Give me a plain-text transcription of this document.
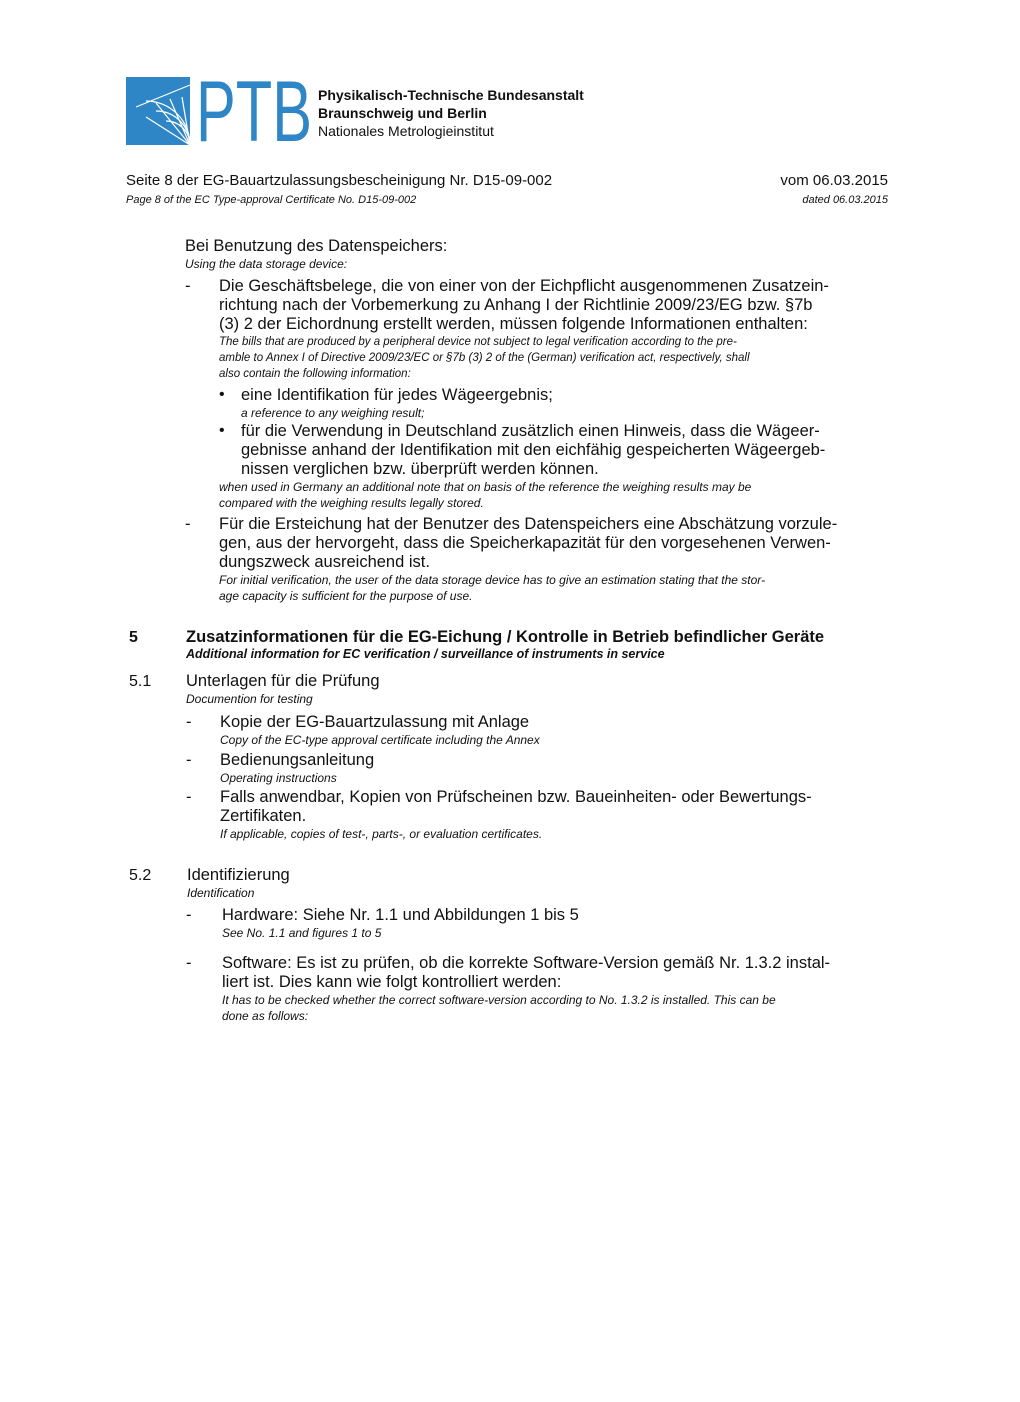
PTB Physikalisch-Technische Bundesanstalt
Braunschweig und Berlin
Nationales Metrologieinstitut
Seite 8 der EG-Bauartzulassungsbescheinigung Nr. D15-09-002
Page 8 of the EC Type-approval Certificate No. D15-09-002
vom 06.03.2015
dated 06.03.2015
Bei Benutzung des Datenspeichers:
Using the data storage device:
- Die Geschäftsbelege, die von einer von der Eichpflicht ausgenommenen Zusatzein-
richtung nach der Vorbemerkung zu Anhang I der Richtlinie 2009/23/EG bzw. §7b
(3) 2 der Eichordnung erstellt werden, müssen folgende Informationen enthalten:
The bills that are produced by a peripheral device not subject to legal verification according to the pre-
amble to Annex I of Directive 2009/23/EC or §7b (3) 2 of the (German) verification act, respectively, shall
also contain the following information:
• eine Identifikation für jedes Wägeergebnis;
a reference to any weighing result;
• für die Verwendung in Deutschland zusätzlich einen Hinweis, dass die Wägeer-
gebnisse anhand der Identifikation mit den eichfähig gespeicherten Wägeergeb-
nissen verglichen bzw. überprüft werden können.
when used in Germany an additional note that on basis of the reference the weighing results may be
compared with the weighing results legally stored.
- Für die Ersteichung hat der Benutzer des Datenspeichers eine Abschätzung vorzule-
gen, aus der hervorgeht, dass die Speicherkapazität für den vorgesehenen Verwen-
dungszweck ausreichend ist.
For initial verification, the user of the data storage device has to give an estimation stating that the stor-
age capacity is sufficient for the purpose of use.
5	Zusatzinformationen für die EG-Eichung / Kontrolle in Betrieb befindlicher Geräte
Additional information for EC verification / surveillance of instruments in service
5.1 Unterlagen für die Prüfung
Documention for testing
- Kopie der EG-Bauartzulassung mit Anlage
Copy of the EC-type approval certificate including the Annex
- Bedienungsanleitung
Operating instructions
- Falls anwendbar, Kopien von Prüfscheinen bzw. Baueinheiten- oder Bewertungs-
Zertifikaten.
If applicable, copies of test-, parts-, or evaluation certificates.
5.2 Identifizierung
Identification
- Hardware: Siehe Nr. 1.1 und Abbildungen 1 bis 5
See No. 1.1 and figures 1 to 5
- Software: Es ist zu prüfen, ob die korrekte Software-Version gemäß Nr. 1.3.2 instal-
liert ist. Dies kann wie folgt kontrolliert werden:
It has to be checked whether the correct software-version according to No. 1.3.2 is installed. This can be
done as follows:
